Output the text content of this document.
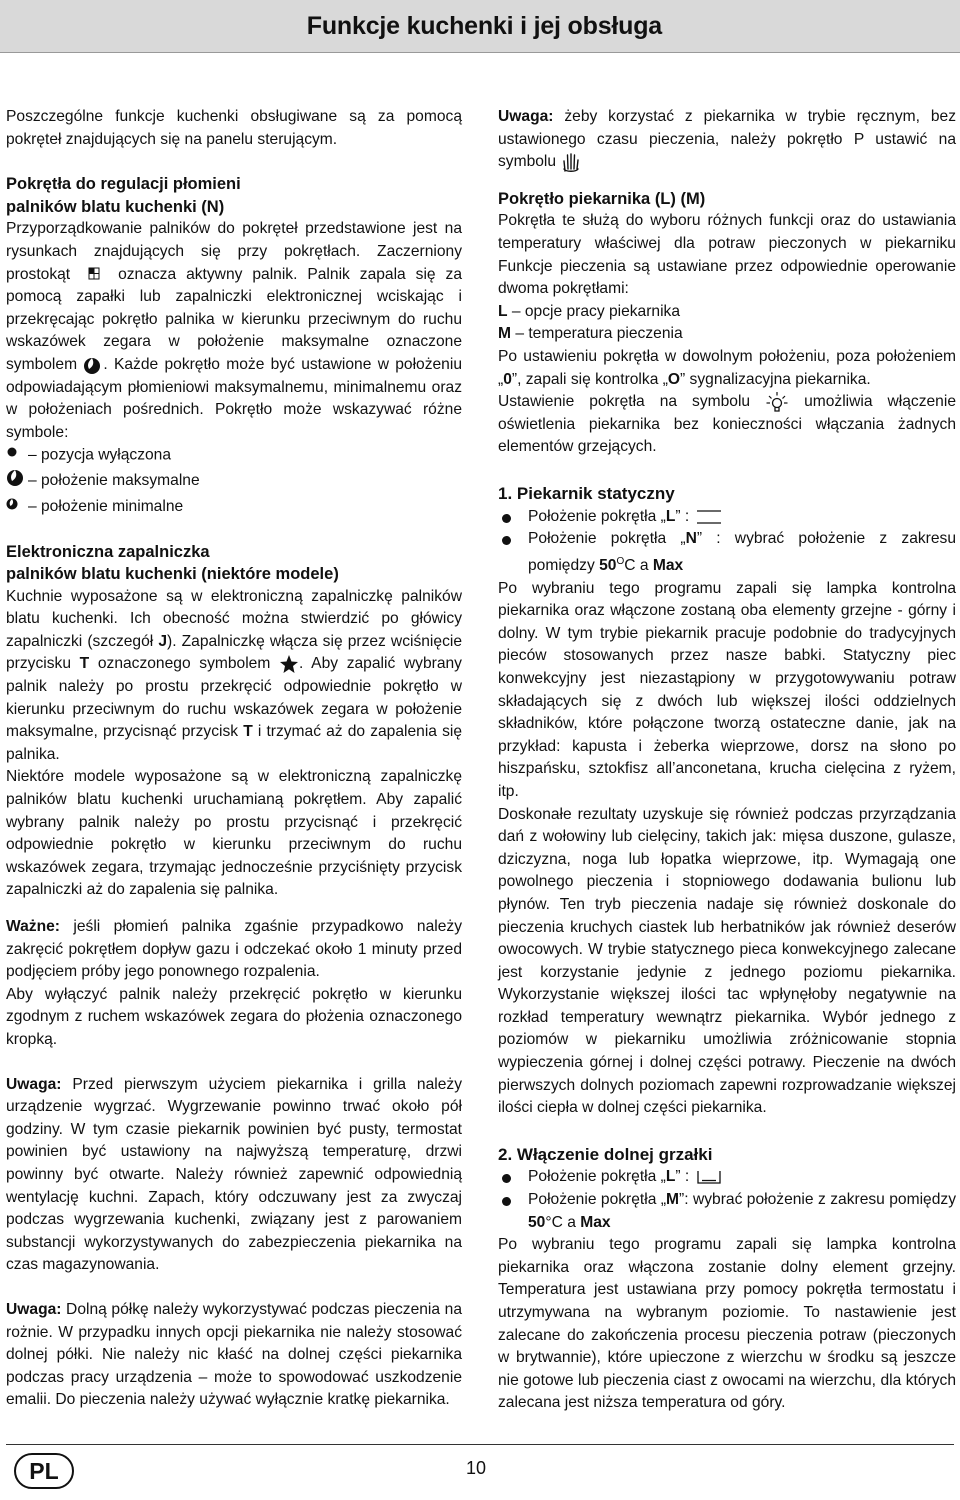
Funkcje kuchenki i jej obsługa

Poszczególne funkcje kuchenki obsługiwane są za pomocą pokręteł znajdujących się na panelu sterującym.

Pokrętła do regulacji płomieni
palników blatu kuchenki (N)

Przyporządkowanie palników do pokręteł przedstawione jest na rysunkach znajdujących się przy pokrętłach. Zaczerniony prostokąt	oznacza aktywny palnik. Palnik zapala się za pomocą zapałki lub zapalniczki elektronicznej wciskając i przekręcając pokrętło palnika w kierunku przeciwnym do ruchu wskazówek zegara w położenie maksymalne oznaczone symbolem . Każde pokrętło może być ustawione w położeniu odpowiadającym płomieniowi maksymalnemu, minimalnemu oraz w położeniach pośrednich. Pokrętło może wskazywać różne symbole:

– pozycja wyłączona
– położenie maksymalne
– położenie minimalne

Elektroniczna zapalniczka
palników blatu kuchenki (niektóre modele)

Kuchnie wyposażone są w elektroniczną zapalniczkę palników blatu kuchenki. Ich obecność można stwierdzić po główicy zapalniczki (szczegół J). Zapalniczkę włącza się przez wciśnięcie przycisku T oznaczonego symbolem . Aby zapalić wybrany palnik należy po prostu przekręcić odpowiednie pokrętło w kierunku przeciwnym do ruchu wskazówek zegara w położenie maksymalne, przycisnąć przycisk T i trzymać aż do zapalenia się palnika.

Niektóre modele wyposażone są w elektroniczną zapalniczkę palników blatu kuchenki uruchamianą pokrętłem. Aby zapalić wybrany palnik należy po prostu przycisnąć i przekręcić odpowiednie pokrętło w kierunku przeciwnym do ruchu wskazówek zegara, trzymając jednocześnie przyciśnięty przycisk zapalniczki aż do zapalenia się palnika.

Ważne: jeśli płomień palnika zgaśnie przypadkowo należy zakręcić pokrętłem dopływ gazu i odczekać około 1 minuty przed podjęciem próby jego ponownego rozpalenia.

Aby wyłączyć palnik należy przekręcić pokrętło w kierunku zgodnym z ruchem wskazówek zegara do płożenia oznaczonego kropką.

Uwaga: Przed pierwszym użyciem piekarnika i grilla należy urządzenie wygrzać. Wygrzewanie powinno trwać około pół godziny. W tym czasie piekarnik powinien być pusty, termostat powinien być ustawiony na najwyższą temperaturę, drzwi powinny być otwarte. Należy również zapewnić odpowiednią wentylację kuchni. Zapach, który odczuwany jest za zwyczaj podczas wygrzewania kuchenki, związany jest z parowaniem substancji wykorzystywanych do zabezpieczenia piekarnika na czas magazynowania.

Uwaga: Dolną półkę należy wykorzystywać podczas pieczenia na rożnie. W przypadku innych opcji piekarnika nie należy stosować dolnej półki. Nie należy nic kłaść na dolnej części piekarnika podczas pracy urządzenia – może to spowodować uszkodzenie emalii. Do pieczenia należy używać wyłącznie kratkę piekarnika.

Uwaga: żeby korzystać z piekarnika w trybie ręcznym, bez ustawionego czasu pieczenia, należy pokrętło P ustawić na symbolu

Pokrętło piekarnika (L) (M)

Pokrętła te służą do wyboru różnych funkcji oraz do ustawiania temperatury właściwej dla potraw pieczonych w piekarniku Funkcje pieczenia są ustawiane przez odpowiednie operowanie dwoma pokrętłami:

L – opcje pracy piekarnika

M – temperatura pieczenia

Po ustawieniu pokrętła w dowolnym położeniu, poza położeniem „0”, zapali się kontrolka „O” sygnalizacyjna piekarnika.

Ustawienie pokrętła na symbolu  umożliwia włączenie oświetlenia piekarnika bez konieczności włączania żadnych elementów grzejących.

1. Piekarnik statyczny

Położenie pokrętła „L” :

Położenie pokrętła „N” : wybrać położenie z zakresu pomiędzy $50^OC$ a Max

Po wybraniu tego programu zapali się lampka kontrolna piekarnika oraz włączone zostaną oba elementy grzejne - górny i dolny. W tym trybie piekarnik pracuje podobnie do tradycyjnych pieców stosowanych przez nasze babki. Statyczny piec konwekcyjny jest niezastąpiony w przygotowywaniu potraw składających się z dwóch lub większej ilości oddzielnych składników, które połączone tworzą ostateczne danie, jak na przykład: kapusta i żeberka wieprzowe, dorsz na słono po hiszpańsku, sztokfisz all’anconetana, krucha cielęcina z ryżem, itp.

Doskonałe rezultaty uzyskuje się również podczas przyrządzania dań z wołowiny lub cielęciny, takich jak: mięsa duszone, gulasze, dziczyzna, noga lub łopatka wieprzowe, itp. Wymagają one powolnego pieczenia i stopniowego dodawania bulionu lub płynów. Ten tryb pieczenia nadaje się również doskonale do pieczenia kruchych ciastek lub herbatników jak również deserów owocowych. W trybie statycznego pieca konwekcyjnego zalecane jest korzystanie jedynie z jednego poziomu piekarnika. Wykorzystanie większej ilości tac wpłynęłoby negatywnie na rozkład temperatury wewnątrz piekarnika. Wybór jednego z poziomów w piekarniku umożliwia zróżnicowanie stopnia wypieczenia górnej i dolnej części potrawy. Pieczenie na dwóch pierwszych dolnych poziomach zapewni rozprowadzanie większej ilości ciepła w dolnej części piekarnika.

2. Włączenie dolnej grzałki

Położenie pokrętła „L” :

Położenie pokrętła „M”: wybrać położenie z zakresu pomiędzy 50°C a Max

Po wybraniu tego programu zapali się lampka kontrolna piekarnika oraz włączona zostanie dolny element grzejny. Temperatura jest ustawiana przy pomocy pokrętła termostatu i utrzymywana na wybranym poziomie. To nastawienie jest zalecane do zakończenia procesu pieczenia potraw (pieczonych w brytwannie), które upieczone z wierzchu w środku są jeszcze nie gotowe lub pieczenia ciast z owocami na wierzchu, dla których zalecana jest niższa temperatura od góry.

PL	10
